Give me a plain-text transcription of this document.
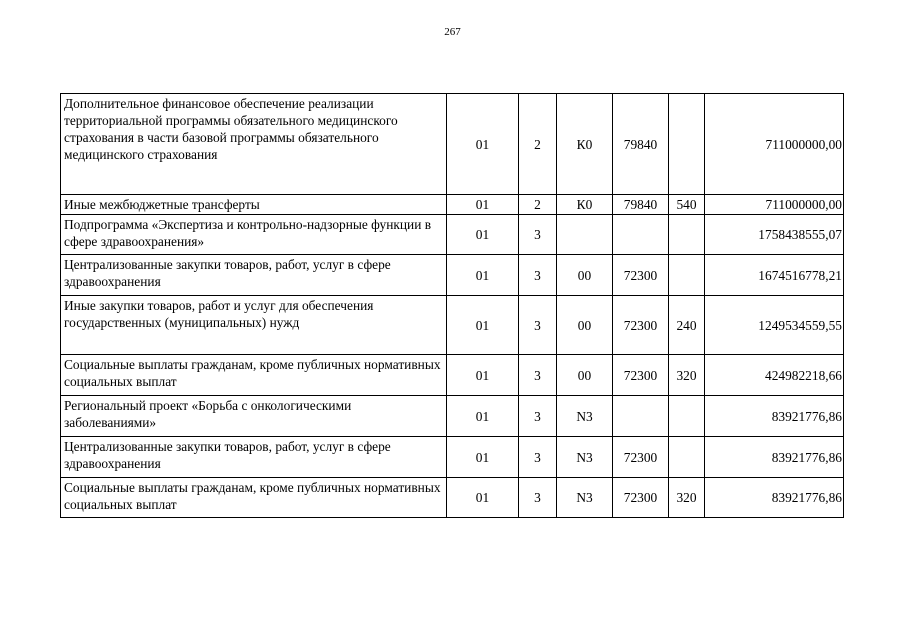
267
Дополнительное финансовое обеспечение реализации территориальной программы обязательного медицинского страхования в части базовой программы обязательного медицинского страхования	01	2	К0	79840		711000000,00
Иные межбюджетные трансферты	01	2	К0	79840	540	711000000,00
Подпрограмма «Экспертиза и контрольно-надзорные функции в сфере здравоохранения»	01	3				1758438555,07
Централизованные закупки товаров, работ, услуг в сфере здравоохранения	01	3	00	72300		1674516778,21
Иные закупки товаров, работ и услуг для обеспечения государственных (муниципальных) нужд	01	3	00	72300	240	1249534559,55
Социальные выплаты гражданам, кроме публичных нормативных социальных выплат	01	3	00	72300	320	424982218,66
Региональный проект «Борьба с онкологическими заболеваниями»	01	3	N3			83921776,86
Централизованные закупки товаров, работ, услуг в сфере здравоохранения	01	3	N3	72300		83921776,86
Социальные выплаты гражданам, кроме публичных нормативных социальных выплат	01	3	N3	72300	320	83921776,86
